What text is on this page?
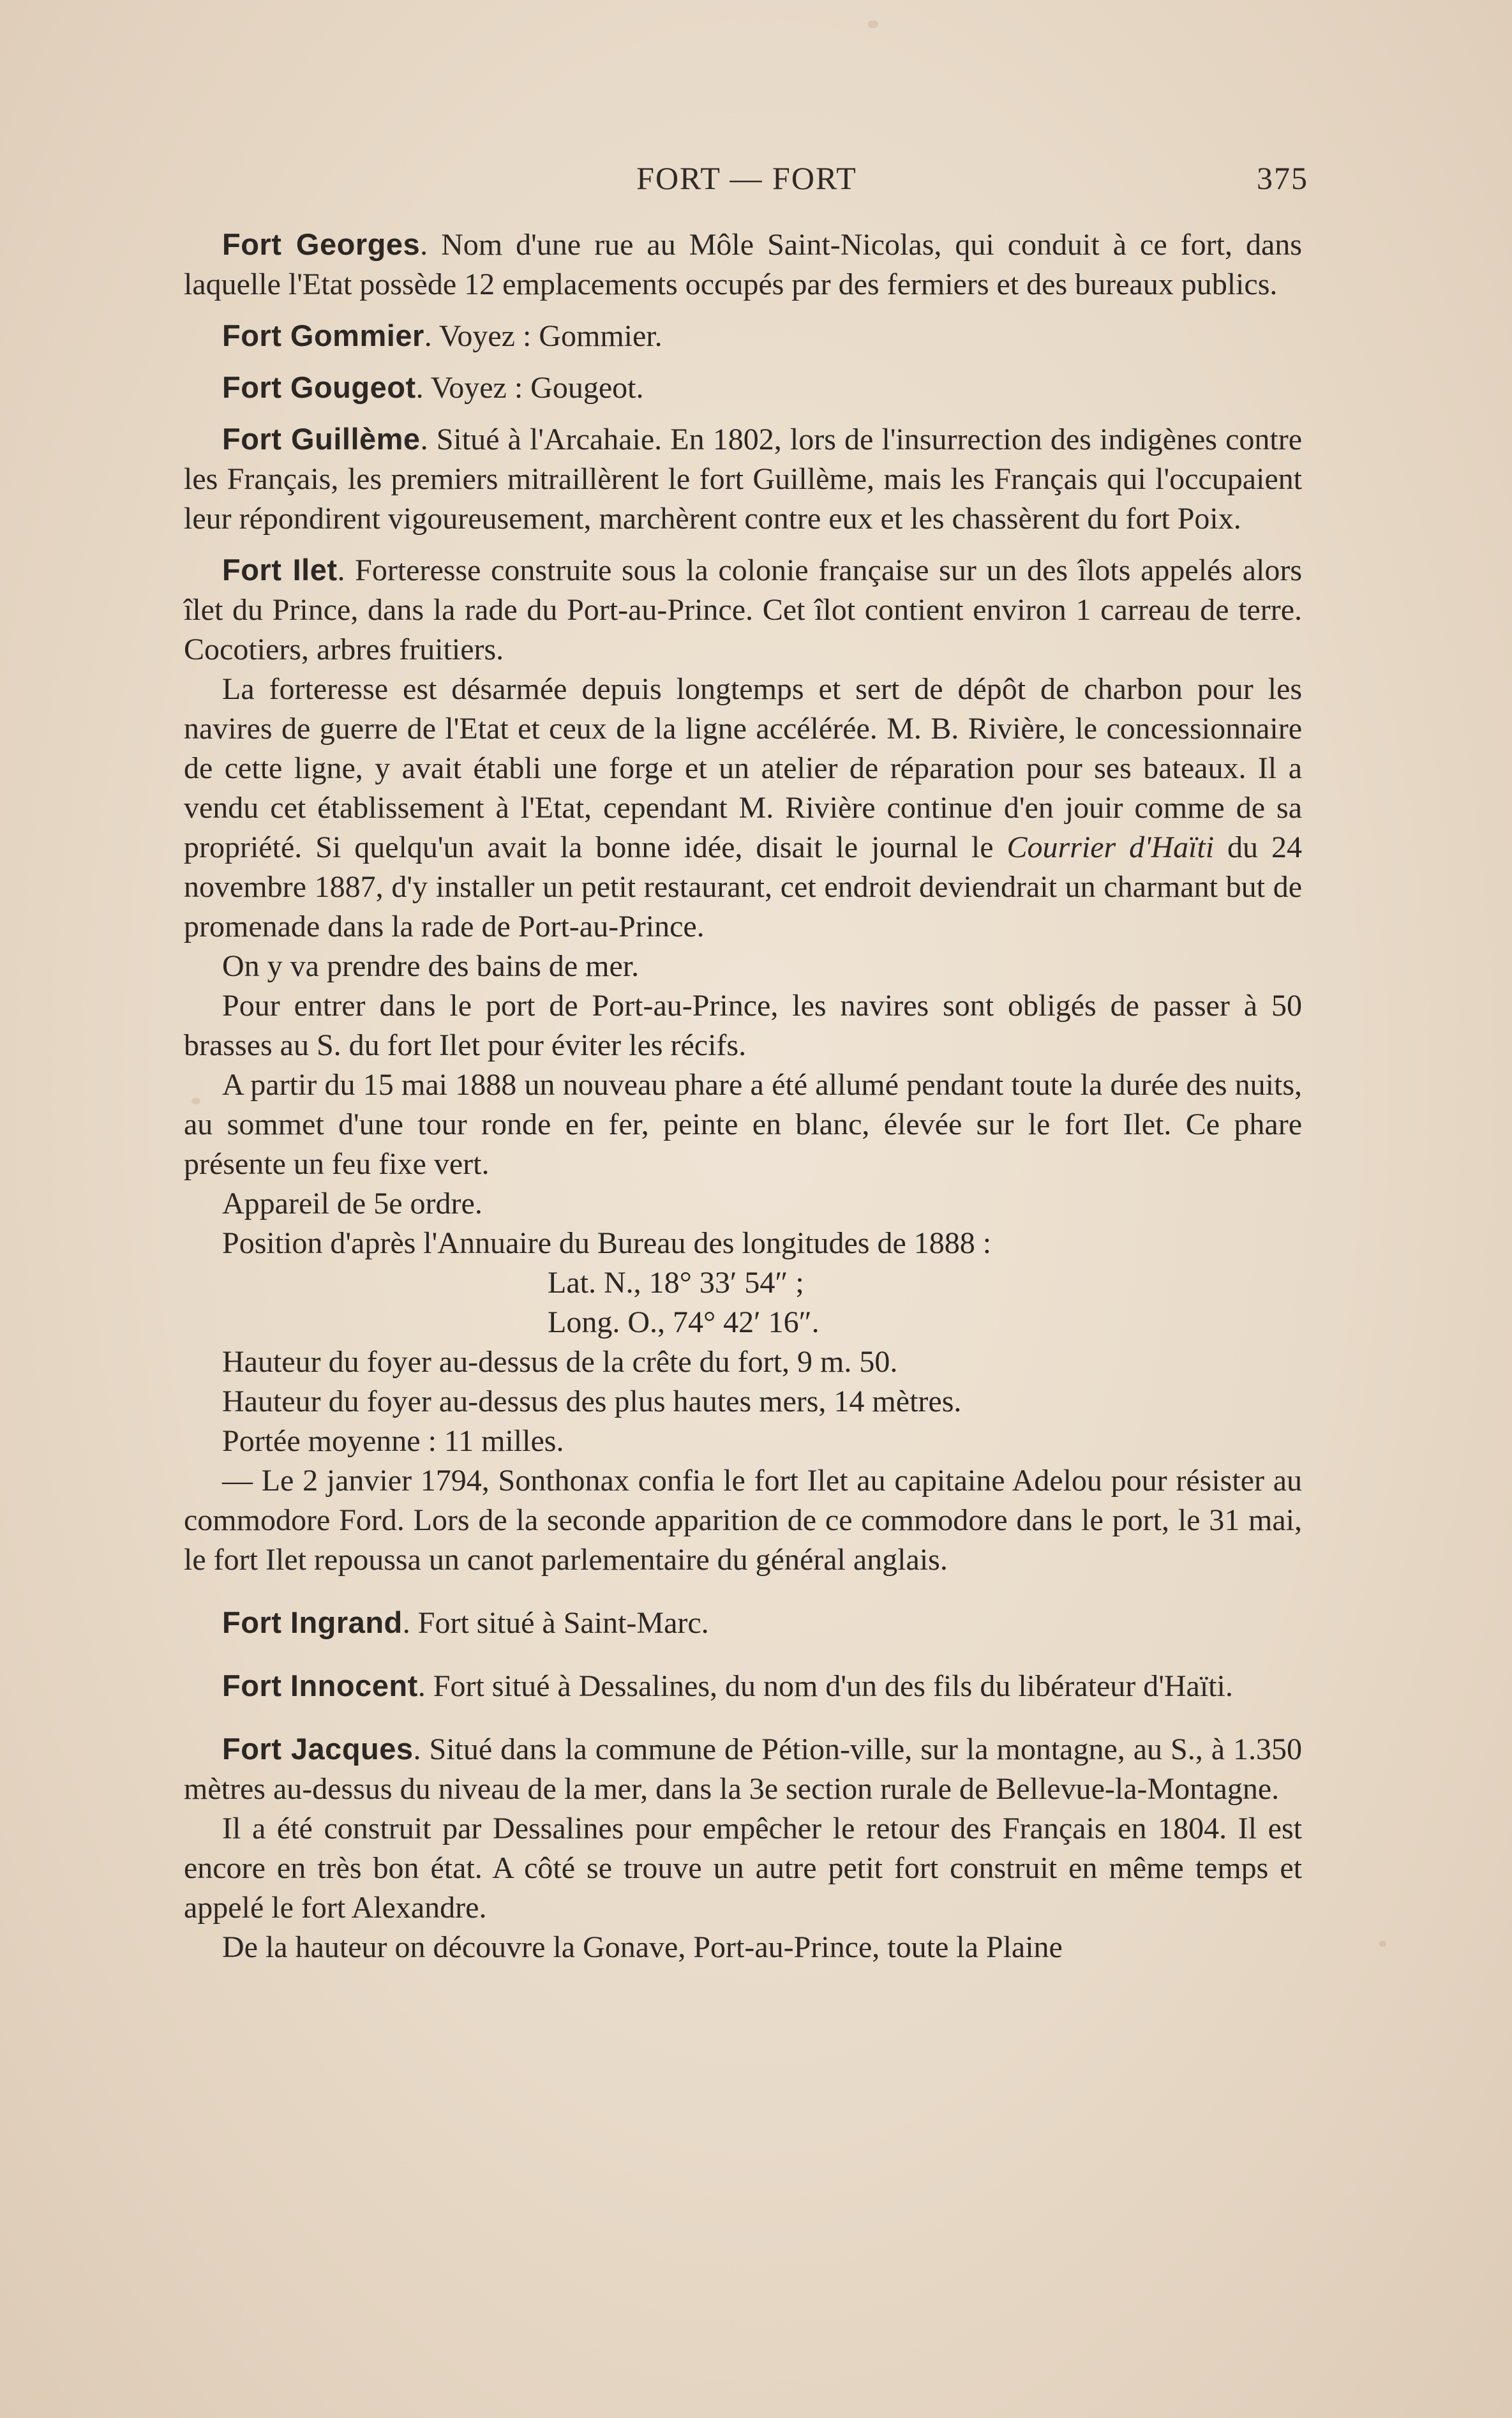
FORT — FORT	375

Fort Georges. Nom d'une rue au Môle Saint-Nicolas, qui conduit à ce fort, dans laquelle l'Etat possède 12 emplacements occupés par des fermiers et des bureaux publics.

Fort Gommier. Voyez : Gommier.

Fort Gougeot. Voyez : Gougeot.

Fort Guillème. Situé à l'Arcahaie. En 1802, lors de l'insurrection des indigènes contre les Français, les premiers mitraillèrent le fort Guillème, mais les Français qui l'occupaient leur répondirent vigoureusement, marchèrent contre eux et les chassèrent du fort Poix.

Fort Ilet. Forteresse construite sous la colonie française sur un des îlots appelés alors îlet du Prince, dans la rade du Port-au-Prince. Cet îlot contient environ 1 carreau de terre. Cocotiers, arbres fruitiers.

La forteresse est désarmée depuis longtemps et sert de dépôt de charbon pour les navires de guerre de l'Etat et ceux de la ligne accélérée. M. B. Rivière, le concessionnaire de cette ligne, y avait établi une forge et un atelier de réparation pour ses bateaux. Il a vendu cet établissement à l'Etat, cependant M. Rivière continue d'en jouir comme de sa propriété. Si quelqu'un avait la bonne idée, disait le journal le Courrier d'Haïti du 24 novembre 1887, d'y installer un petit restaurant, cet endroit deviendrait un charmant but de promenade dans la rade de Port-au-Prince.

On y va prendre des bains de mer.

Pour entrer dans le port de Port-au-Prince, les navires sont obligés de passer à 50 brasses au S. du fort Ilet pour éviter les récifs.

A partir du 15 mai 1888 un nouveau phare a été allumé pendant toute la durée des nuits, au sommet d'une tour ronde en fer, peinte en blanc, élevée sur le fort Ilet. Ce phare présente un feu fixe vert.

Appareil de 5e ordre.

Position d'après l'Annuaire du Bureau des longitudes de 1888 :

Lat. N., 18° 33′ 54″ ;

Long. O., 74° 42′ 16″.

Hauteur du foyer au-dessus de la crête du fort, 9 m. 50.

Hauteur du foyer au-dessus des plus hautes mers, 14 mètres.

Portée moyenne : 11 milles.

— Le 2 janvier 1794, Sonthonax confia le fort Ilet au capitaine Adelou pour résister au commodore Ford. Lors de la seconde apparition de ce commodore dans le port, le 31 mai, le fort Ilet repoussa un canot parlementaire du général anglais.

Fort Ingrand. Fort situé à Saint-Marc.

Fort Innocent. Fort situé à Dessalines, du nom d'un des fils du libérateur d'Haïti.

Fort Jacques. Situé dans la commune de Pétion-ville, sur la montagne, au S., à 1.350 mètres au-dessus du niveau de la mer, dans la 3e section rurale de Bellevue-la-Montagne.

Il a été construit par Dessalines pour empêcher le retour des Français en 1804. Il est encore en très bon état. A côté se trouve un autre petit fort construit en même temps et appelé le fort Alexandre.

De la hauteur on découvre la Gonave, Port-au-Prince, toute la Plaine
